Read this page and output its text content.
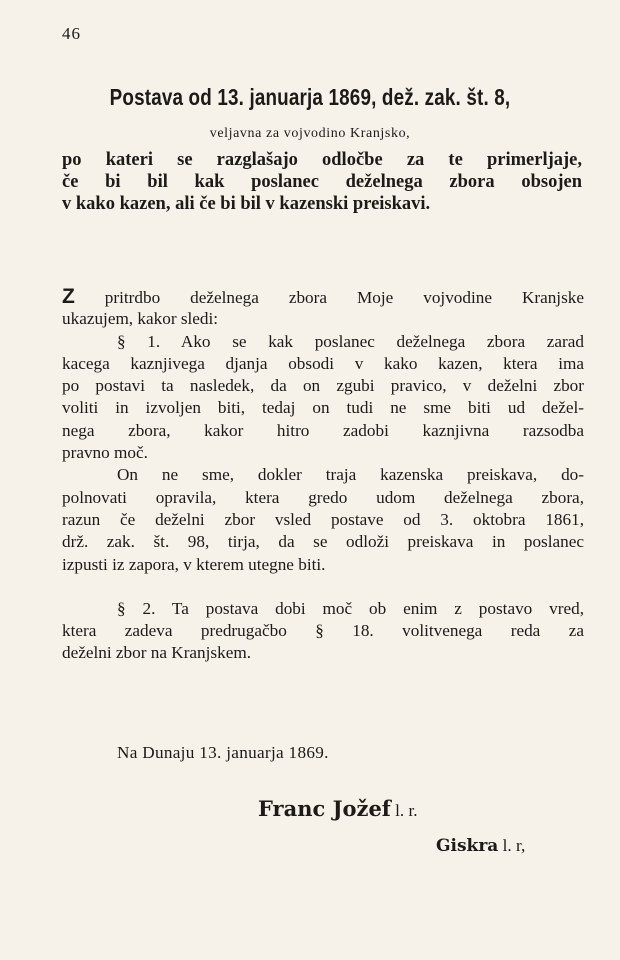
46
Postava od 13. januarja 1869, dež. zak. št. 8,
veljavna za vojvodino Kranjsko,
po kateri se razglašajo odločbe za te primerljaje,
če bi bil kak poslanec deželnega zbora obsojen
v kako kazen, ali če bi bil v kazenski preiskavi.
Z pritrdbo deželnega zbora Moje vojvodine Kranjske
ukazujem, kakor sledi:
§ 1. Ako se kak poslanec deželnega zbora zarad
kacega kaznjivega djanja obsodi v kako kazen, ktera ima
po postavi ta nasledek, da on zgubi pravico, v deželni zbor
voliti in izvoljen biti, tedaj on tudi ne sme biti ud dežel-
nega zbora, kakor hitro zadobi kaznjivna razsodba
pravno moč.
On ne sme, dokler traja kazenska preiskava, do-
polnovati opravila, ktera gredo udom deželnega zbora,
razun če deželni zbor vsled postave od 3. oktobra 1861,
drž. zak. št. 98, tirja, da se odloži preiskava in poslanec
izpusti iz zapora, v kterem utegne biti.
§ 2. Ta postava dobi moč ob enim z postavo vred,
ktera zadeva predrugačbo § 18. volitvenega reda za
deželni zbor na Kranjskem.
Na Dunaju 13. januarja 1869.
Franc Jožef l. r.
Giskra l. r,
